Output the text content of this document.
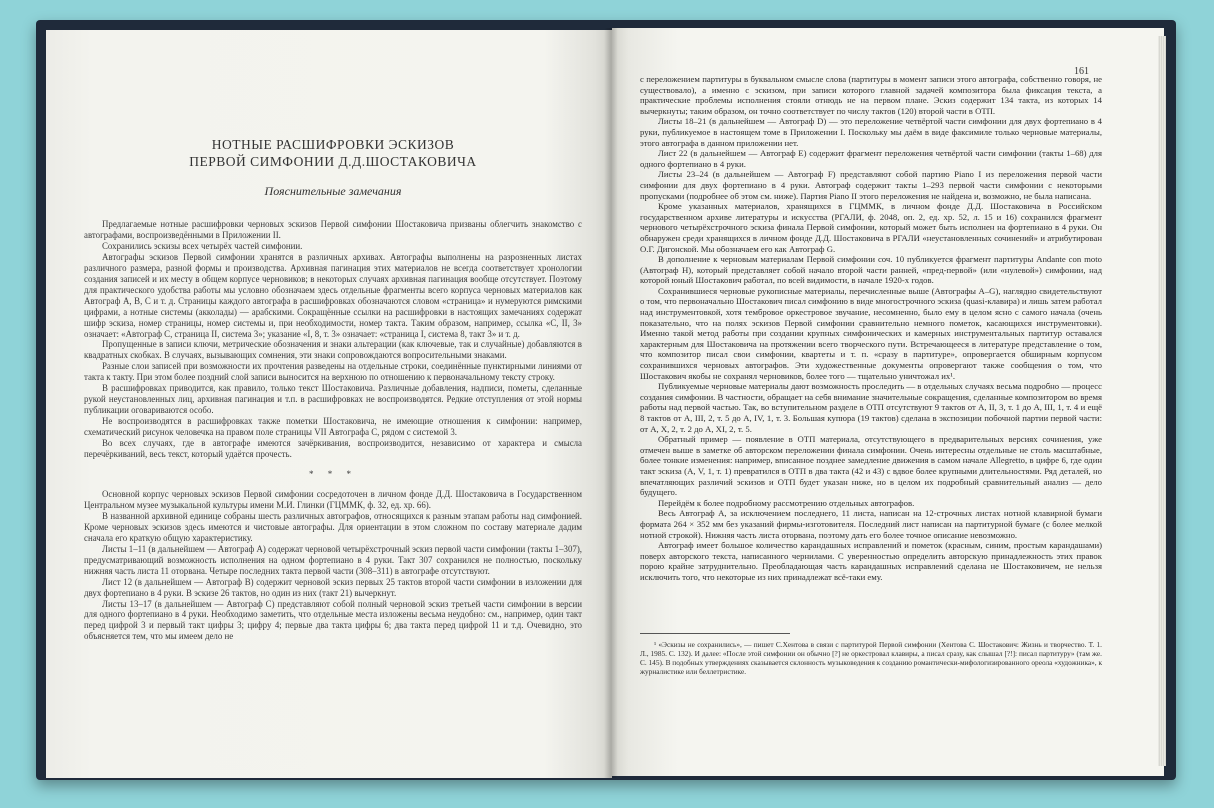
161

НОТНЫЕ РАСШИФРОВКИ ЭСКИЗОВ

ПЕРВОЙ СИМФОНИИ Д.Д.ШОСТАКОВИЧА

Пояснительные замечания

Предлагаемые нотные расшифровки черновых эскизов Первой симфонии Шостаковича призваны облегчить знакомство с автографами, воспроизведёнными в Приложении II.

Сохранились эскизы всех четырёх частей симфонии.

Автографы эскизов Первой симфонии хранятся в различных архивах. Автографы выполнены на разрозненных листах различного размера, разной формы и производства. Архивная пагинация этих материалов не всегда соответствует хронологии создания записей и их месту в общем корпусе черновиков; в некоторых случаях архивная пагинация вообще отсутствует. Поэтому для практического удобства работы мы условно обозначаем здесь отдельные фрагменты всего корпуса черновых материалов как Автограф А, В, С и т. д. Страницы каждого автографа в расшифровках обозначаются словом «страница» и нумеруются римскими цифрами, а нотные системы (акколады) — арабскими. Сокращённые ссылки на расшифровки в настоящих замечаниях содержат шифр эскиза, номер страницы, номер системы и, при необходимости, номер такта. Таким образом, например, ссылка «С, II, 3» означает: «Автограф С, страница II, система 3»; указание «I, 8, т. 3» означает: «страница I, система 8, такт 3» и т. д.

Пропущенные в записи ключи, метрические обозначения и знаки альтерации (как ключевые, так и случайные) добавляются в квадратных скобках. В случаях, вызывающих сомнения, эти знаки сопровождаются вопросительными знаками.

Разные слои записей при возможности их прочтения разведены на отдельные строки, соединённые пунктирными линиями от такта к такту. При этом более поздний слой записи выносится на верхнюю по отношению к первоначальному тексту строку.

В расшифровках приводится, как правило, только текст Шостаковича. Различные добавления, надписи, пометы, сделанные рукой неустановленных лиц, архивная пагинация и т.п. в расшифровках не воспроизводятся. Редкие отступления от этой нормы публикации оговариваются особо.

Не воспроизводятся в расшифровках также пометки Шостаковича, не имеющие отношения к симфонии: например, схематический рисунок человечка на правом поле страницы VII Автографа С, рядом с системой 3.

Во всех случаях, где в автографе имеются зачёркивания, воспроизводится, независимо от характера и смысла перечёркиваний, весь текст, который удаётся прочесть.

* * *

Основной корпус черновых эскизов Первой симфонии сосредоточен в личном фонде Д.Д. Шостаковича в Государственном Центральном музее музыкальной культуры имени М.И. Глинки (ГЦММК, ф. 32, ед. хр. 66).

В названной архивной единице собраны шесть различных автографов, относящихся к разным этапам работы над симфонией. Кроме черновых эскизов здесь имеются и чистовые автографы. Для ориентации в этом сложном по составу материале дадим сначала его краткую общую характеристику.

Листы 1–11 (в дальнейшем — Автограф А) содержат черновой четырёхстрочный эскиз первой части симфонии (такты 1–307), предусматривающий возможность исполнения на одном фортепиано в 4 руки. Такт 307 сохранился не полностью, поскольку нижняя часть листа 11 оторвана. Четыре последних такта первой части (308–311) в автографе отсутствуют.

Лист 12 (в дальнейшем — Автограф В) содержит черновой эскиз первых 25 тактов второй части симфонии в изложении для двух фортепиано в 4 руки. В эскизе 26 тактов, но один из них (такт 21) вычеркнут.

Листы 13–17 (в дальнейшем — Автограф С) представляют собой полный черновой эскиз третьей части симфонии в версии для одного фортепиано в 4 руки. Необходимо заметить, что отдельные места изложены весьма неудобно: см., например, один такт перед цифрой 3 и первый такт цифры 3; цифру 4; первые два такта цифры 6; два такта перед цифрой 11 и т.д. Очевидно, это объясняется тем, что мы имеем дело не

с переложением партитуры в буквальном смысле слова (партитуры в момент записи этого автографа, собственно говоря, не существовало), а именно с эскизом, при записи которого главной задачей композитора была фиксация текста, а практические проблемы исполнения стояли отнюдь не на первом плане. Эскиз содержит 134 такта, из которых 14 вычеркнуты; таким образом, он точно соответствует по числу тактов (120) второй части в ОТП.

Листы 18–21 (в дальнейшем — Автограф D) — это переложение четвёртой части симфонии для двух фортепиано в 4 руки, публикуемое в настоящем томе в Приложении I. Поскольку мы даём в виде факсимиле только черновые материалы, этого автографа в данном приложении нет.

Лист 22 (в дальнейшем — Автограф Е) содержит фрагмент переложения четвёртой части симфонии (такты 1–68) для одного фортепиано в 4 руки.

Листы 23–24 (в дальнейшем — Автограф F) представляют собой партию Piano I из переложения первой части симфонии для двух фортепиано в 4 руки. Автограф содержит такты 1–293 первой части симфонии с некоторыми пропусками (подробнее об этом см. ниже). Партия Piano II этого переложения не найдена и, возможно, не была написана.

Кроме указанных материалов, хранящихся в ГЦММК, в личном фонде Д.Д. Шостаковича в Российском государственном архиве литературы и искусства (РГАЛИ, ф. 2048, оп. 2, ед. хр. 52, л. 15 и 16) сохранился фрагмент чернового четырёхстрочного эскиза финала Первой симфонии, который может быть исполнен на фортепиано в 4 руки. Он обнаружен среди хранящихся в личном фонде Д.Д. Шостаковича в РГАЛИ «неустановленных сочинений» и атрибутирован О.Г. Дигонской. Мы обозначаем его как Автограф G.

В дополнение к черновым материалам Первой симфонии соч. 10 публикуется фрагмент партитуры Andante con moto (Автограф Н), который представляет собой начало второй части ранней, «пред-первой» (или «нулевой») симфонии, над которой юный Шостакович работал, по всей видимости, в начале 1920-х годов.

Сохранившиеся черновые рукописные материалы, перечисленные выше (Автографы А–G), наглядно свидетельствуют о том, что первоначально Шостакович писал симфонию в виде многострочного эскиза (quasi-клавира) и лишь затем работал над инструментовкой, хотя тембровое оркестровое звучание, несомненно, было ему в целом ясно с самого начала (очень показательно, что на полях эскизов Первой симфонии сравнительно немного пометок, касающихся инструментовки). Именно такой метод работы при создании крупных симфонических и камерных инструментальных партитур оставался характерным для Шостаковича на протяжении всего творческого пути. Встречающееся в литературе представление о том, что композитор писал свои симфонии, квартеты и т. п. «сразу в партитуре», опровергается обширным корпусом сохранившихся черновых автографов. Эти художественные документы опровергают также сообщения о том, что Шостакович якобы не сохранял черновиков, более того — тщательно уничтожал их¹.

Публикуемые черновые материалы дают возможность проследить — в отдельных случаях весьма подробно — процесс создания симфонии. В частности, обращает на себя внимание значительные сокращения, сделанные композитором во время работы над первой частью. Так, во вступительном разделе в ОТП отсутствуют 9 тактов от А, II, 3, т. 1 до А, III, 1, т. 4 и ещё 8 тактов от А, III, 2, т. 5 до А, IV, 1, т. 3. Большая купюра (19 тактов) сделана в экспозиции побочной партии первой части: от А, Х, 2, т. 2 до А, XI, 2, т. 5.

Обратный пример — появление в ОТП материала, отсутствующего в предварительных версиях сочинения, уже отмечен выше в заметке об авторском переложении финала симфонии. Очень интересны отдельные не столь масштабные, более тонкие изменения: например, вписанное позднее замедление движения в самом начале Allegretto, в цифре 6, где один такт эскиза (А, V, 1, т. 1) превратился в ОТП в два такта (42 и 43) с вдвое более крупными длительностями. Ряд деталей, но впечатляющих различий эскизов и ОТП будет указан ниже, но в целом их подробный сравнительный анализ — дело будущего.

Перейдём к более подробному рассмотрению отдельных автографов.

Весь Автограф А, за исключением последнего, 11 листа, написан на 12-строчных листах нотной клавирной бумаги формата 264 × 352 мм без указаний фирмы-изготовителя. Последний лист написан на партитурной бумаге (с более мелкой нотной строкой). Нижняя часть листа оторвана, поэтому дать его более точное описание невозможно.

Автограф имеет большое количество карандашных исправлений и пометок (красным, синим, простым карандашами) поверх авторского текста, написанного чернилами. С уверенностью определить авторскую принадлежность этих правок порою крайне затруднительно. Преобладающая часть карандашных исправлений сделана не Шостаковичем, не нельзя исключить того, что некоторые из них принадлежат всё-таки ему.

¹ «Эскизы не сохранились», — пишет С.Хентова в связи с партитурой Первой симфонии (Хентова С. Шостакович: Жизнь и творчество. Т. 1. Л., 1985. С. 132). И далее: «После этой симфонии он обычно [?] не оркестровал клавиры, а писал сразу, как слышал [?!]: писал партитуру» (там же. С. 145). В подобных утверждениях сказывается склонность музыковедения к созданию романтически-мифологизированного ореола «художника», к журналистике или беллетристике.
